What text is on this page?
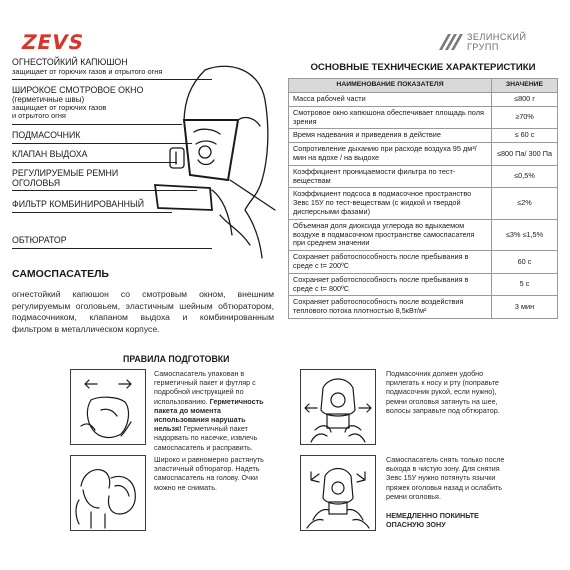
ZEVS	ЗЕЛИНСКИЙ
ГРУПП
ОГНЕСТОЙКИЙ КАПЮШОН
защищает от горючих газов и отрытого огня
ШИРОКОЕ СМОТРОВОЕ ОКНО
(герметичные швы)
защищает от горючих газов
и отрытого огня
ПОДМАСОЧНИК
КЛАПАН ВЫДОХА
РЕГУЛИРУЕМЫЕ РЕМНИ
ОГОЛОВЬЯ
ФИЛЬТР КОМБИНИРОВАННЫЙ
ОБТЮРАТОР
САМОСПАСАТЕЛЬ
огнестойкий капюшон со смотровым окном, внешним регулируемым оголовьем, эластичным шейным обтюратором, подмасочником, клапаном выдоха и комбинированным фильтром в металлическом корпусе.
ОСНОВНЫЕ ТЕХНИЧЕСКИЕ ХАРАКТЕРИСТИКИ
НАИМЕНОВАНИЕ ПОКАЗАТЕЛЯ	ЗНАЧЕНИЕ
Масса рабочей части	≤800 г
Смотровое окно капюшона обеспечивает площадь поля зрения	≥70%
Время надевания и приведения в действие	≤ 60 с
Сопротивление дыханию при расходе воздуха 95 дм³/мин на вдохе / на выдохе	≤800 Па/ 300 Па
Коэффициент проницаемости фильтра по тест-веществам	≤0,5%
Коэффициент подсоса в подмасочное пространство Зевс 15У по тест-веществам (с жидкой и твердой дисперсными фазами)	≤2%
Объемная доля диоксида углерода во вдыхаемом воздухе в подмасочном пространстве самоспасателя при среднем значении	≤3% ≤1,5%
Сохраняет работоспособность после пребывания в среде с t= 200ºC	60 с
Сохраняет работоспособность после пребывания в среде с t= 800ºC	5 с
Сохраняет работоспособность после воздействия теплового потока плотностью 8,5кВт/м²	3 мин
ПРАВИЛА ПОДГОТОВКИ
Самоспасатель упакован в герметичный пакет и футляр с подробной инструкцией по использованию. Герметичность пакета до момента использования нарушать нельзя! Герметичный пакет надорвать по насечке, извлечь самоспасатель и расправить.
Широко и равномерно растянуть эластичный обтюратор. Надеть самоспасатель на голову. Очки можно не снимать.
Подмасочник должен удобно прилегать к носу и рту (поправьте подмасочник рукой, если нужно), ремни оголовья затянуть на шее, волосы заправьте под обтюратор.
Самоспасатель снять только после выхода в чистую зону. Для снятия Зевс 15У нужно потянуть язычки пряжек оголовья назад и ослабить ремни оголовья.
НЕМЕДЛЕННО ПОКИНЬТЕ ОПАСНУЮ ЗОНУ
